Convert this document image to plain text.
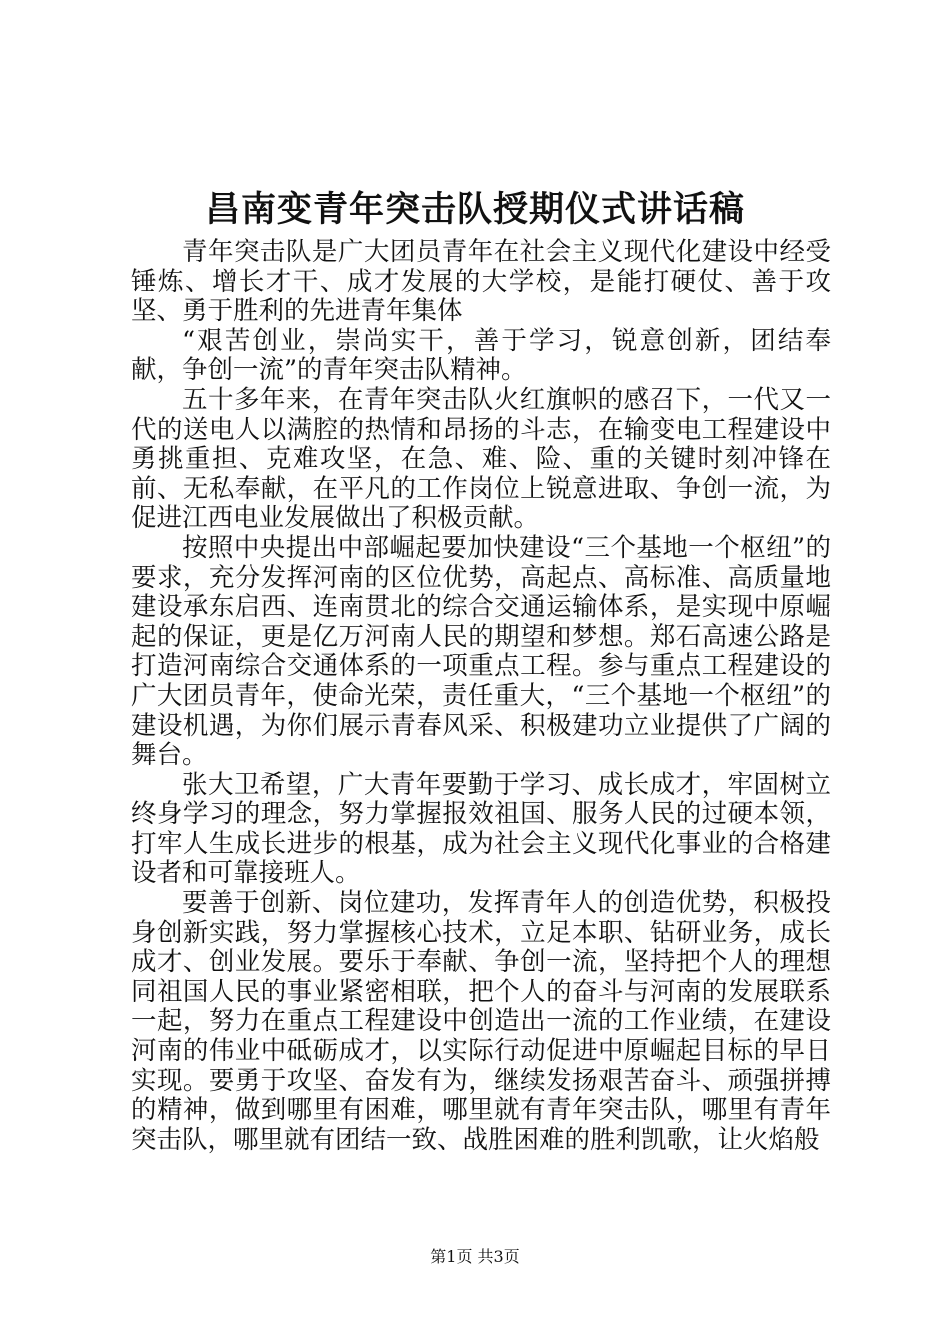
昌南变青年突击队授期仪式讲话稿

青年突击队是广大团员青年在社会主义现代化建设中经受锤炼、增长才干、成才发展的大学校，是能打硬仗、善于攻坚、勇于胜利的先进青年集体

“艰苦创业，崇尚实干，善于学习，锐意创新，团结奉献，争创一流”的青年突击队精神。

五十多年来，在青年突击队火红旗帜的感召下，一代又一代的送电人以满腔的热情和昂扬的斗志，在输变电工程建设中勇挑重担、克难攻坚，在急、难、险、重的关键时刻冲锋在前、无私奉献，在平凡的工作岗位上锐意进取、争创一流，为促进江西电业发展做出了积极贡献。

按照中央提出中部崛起要加快建设“三个基地一个枢纽”的要求，充分发挥河南的区位优势，高起点、高标准、高质量地建设承东启西、连南贯北的综合交通运输体系，是实现中原崛起的保证，更是亿万河南人民的期望和梦想。郑石高速公路是打造河南综合交通体系的一项重点工程。参与重点工程建设的广大团员青年，使命光荣，责任重大，“三个基地一个枢纽”的建设机遇，为你们展示青春风采、积极建功立业提供了广阔的舞台。

张大卫希望，广大青年要勤于学习、成长成才，牢固树立终身学习的理念，努力掌握报效祖国、服务人民的过硬本领，打牢人生成长进步的根基，成为社会主义现代化事业的合格建设者和可靠接班人。

要善于创新、岗位建功，发挥青年人的创造优势，积极投身创新实践，努力掌握核心技术，立足本职、钻研业务，成长成才、创业发展。要乐于奉献、争创一流，坚持把个人的理想同祖国人民的事业紧密相联，把个人的奋斗与河南的发展联系一起，努力在重点工程建设中创造出一流的工作业绩，在建设河南的伟业中砥砺成才，以实际行动促进中原崛起目标的早日实现。要勇于攻坚、奋发有为，继续发扬艰苦奋斗、顽强拼搏的精神，做到哪里有困难，哪里就有青年突击队，哪里有青年突击队，哪里就有团结一致、战胜困难的胜利凯歌，让火焰般

第1页 共3页
